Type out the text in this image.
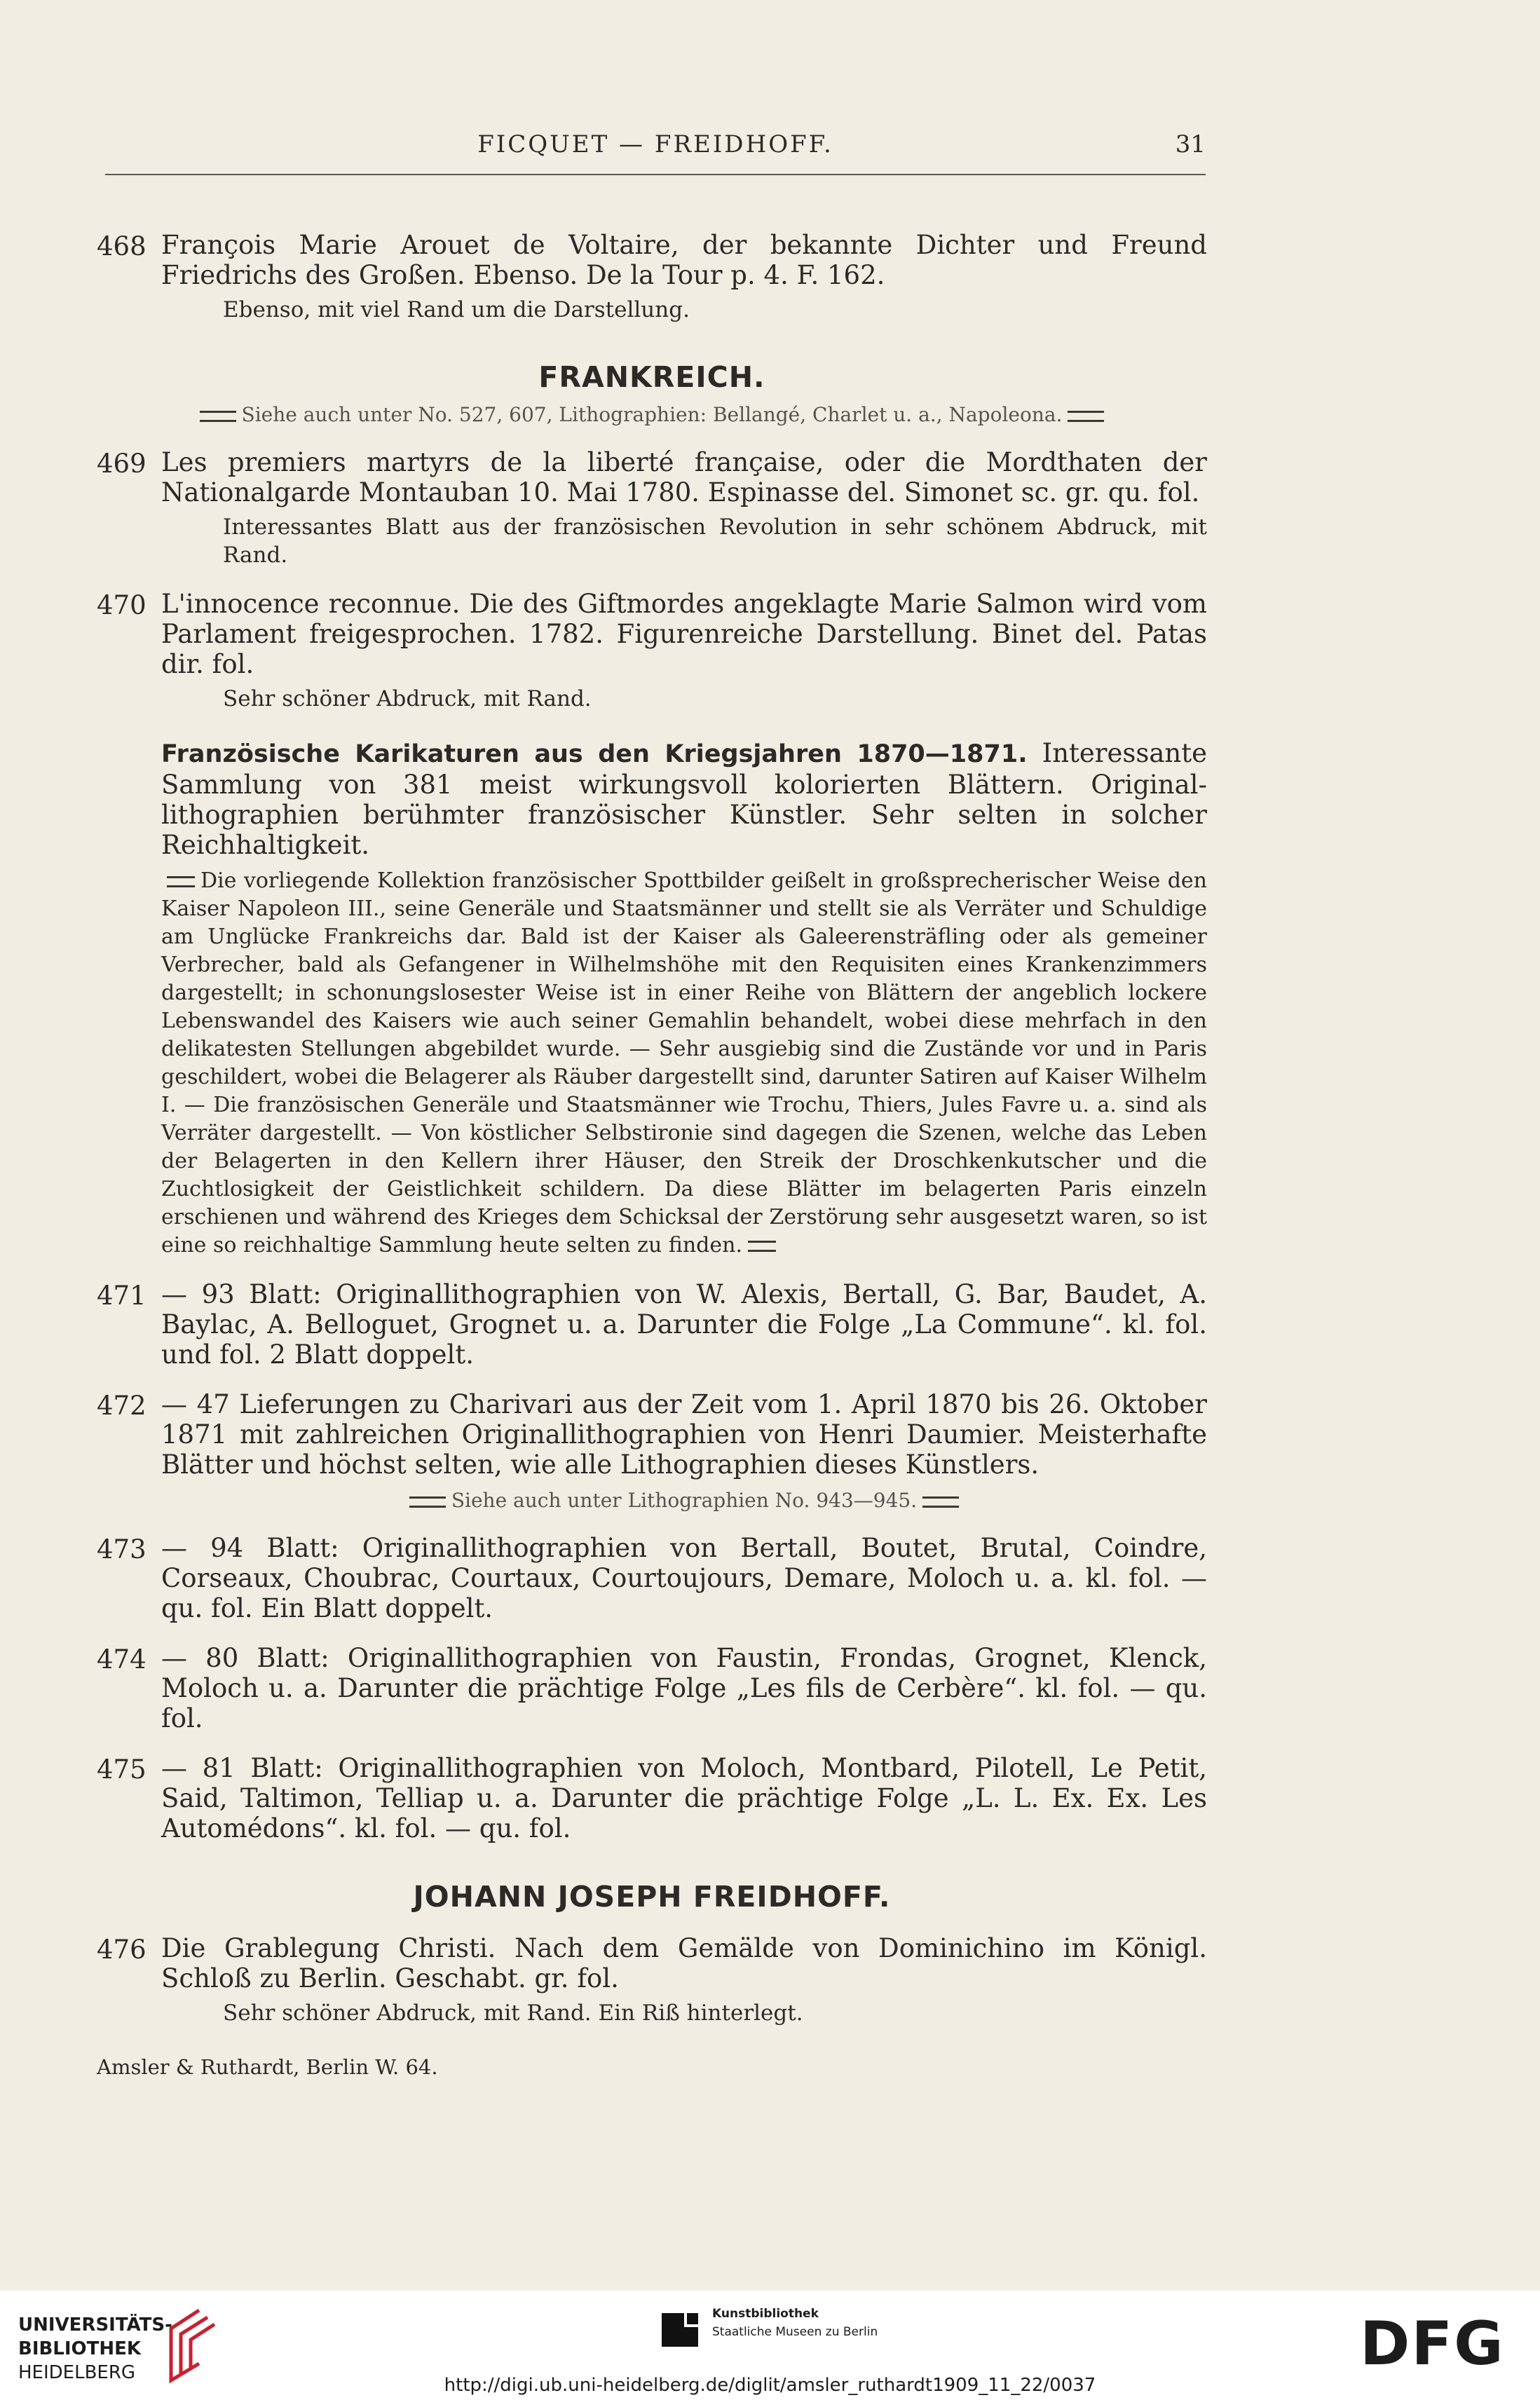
FICQUET — FREIDHOFF.	31
468 François Marie Arouet de Voltaire, der bekannte Dichter und Freund Friedrichs des Großen. Ebenso. De la Tour p. 4. F. 162.
Ebenso, mit viel Rand um die Darstellung.
FRANKREICH.
Siehe auch unter No. 527, 607, Lithographien: Bellangé, Charlet u. a., Napoleona.
469 Les premiers martyrs de la liberté française, oder die Mordthaten der Nationalgarde Montauban 10. Mai 1780. Espinasse del. Simonet sc. gr. qu. fol.
Interessantes Blatt aus der französischen Revolution in sehr schönem Abdruck, mit Rand.
470 L'innocence reconnue. Die des Giftmordes angeklagte Marie Salmon wird vom Parlament freigesprochen. 1782. Figurenreiche Darstellung. Binet del. Patas dir. fol.
Sehr schöner Abdruck, mit Rand.
Französische Karikaturen aus den Kriegsjahren 1870—1871. Interessante Sammlung von 381 meist wirkungsvoll kolorierten Blättern. Original-lithographien berühmter französischer Künstler. Sehr selten in solcher Reichhaltigkeit.
Die vorliegende Kollektion französischer Spottbilder geißelt in großsprecherischer Weise den Kaiser Napoleon III., seine Generäle und Staatsmänner und stellt sie als Verräter und Schuldige am Unglücke Frankreichs dar. Bald ist der Kaiser als Galeerensträfling oder als gemeiner Verbrecher, bald als Gefangener in Wilhelmshöhe mit den Requisiten eines Krankenzimmers dargestellt; in schonungslosester Weise ist in einer Reihe von Blättern der angeblich lockere Lebenswandel des Kaisers wie auch seiner Gemahlin behandelt, wobei diese mehrfach in den delikatesten Stellungen abgebildet wurde. — Sehr ausgiebig sind die Zustände vor und in Paris geschildert, wobei die Belagerer als Räuber dargestellt sind, darunter Satiren auf Kaiser Wilhelm I. — Die französischen Generäle und Staatsmänner wie Trochu, Thiers, Jules Favre u. a. sind als Verräter dargestellt. — Von köstlicher Selbstironie sind dagegen die Szenen, welche das Leben der Belagerten in den Kellern ihrer Häuser, den Streik der Droschkenkutscher und die Zuchtlosigkeit der Geistlichkeit schildern. Da diese Blätter im belagerten Paris einzeln erschienen und während des Krieges dem Schicksal der Zerstörung sehr ausgesetzt waren, so ist eine so reichhaltige Sammlung heute selten zu finden.
471 — 93 Blatt: Originallithographien von W. Alexis, Bertall, G. Bar, Baudet, A. Baylac, A. Belloguet, Grognet u. a. Darunter die Folge „La Commune“. kl. fol. und fol. 2 Blatt doppelt.
472 — 47 Lieferungen zu Charivari aus der Zeit vom 1. April 1870 bis 26. Oktober 1871 mit zahlreichen Originallithographien von Henri Daumier. Meisterhafte Blätter und höchst selten, wie alle Lithographien dieses Künstlers.
Siehe auch unter Lithographien No. 943—945.
473 — 94 Blatt: Originallithographien von Bertall, Boutet, Brutal, Coindre, Corseaux, Choubrac, Courtaux, Courtoujours, Demare, Moloch u. a. kl. fol. — qu. fol. Ein Blatt doppelt.
474 — 80 Blatt: Originallithographien von Faustin, Frondas, Grognet, Klenck, Moloch u. a. Darunter die prächtige Folge „Les fils de Cerbère“. kl. fol. — qu. fol.
475 — 81 Blatt: Originallithographien von Moloch, Montbard, Pilotell, Le Petit, Said, Taltimon, Telliap u. a. Darunter die prächtige Folge „L. L. Ex. Ex. Les Automédons“. kl. fol. — qu. fol.
JOHANN JOSEPH FREIDHOFF.
476 Die Grablegung Christi. Nach dem Gemälde von Dominichino im Königl. Schloß zu Berlin. Geschabt. gr. fol.
Sehr schöner Abdruck, mit Rand. Ein Riß hinterlegt.
Amsler & Ruthardt, Berlin W. 64.
UNIVERSITÄTS-
BIBLIOTHEK
HEIDELBERG
Kunstbibliothek
Staatliche Museen zu Berlin	DFG
http://digi.ub.uni-heidelberg.de/diglit/amsler_ruthardt1909_11_22/0037
